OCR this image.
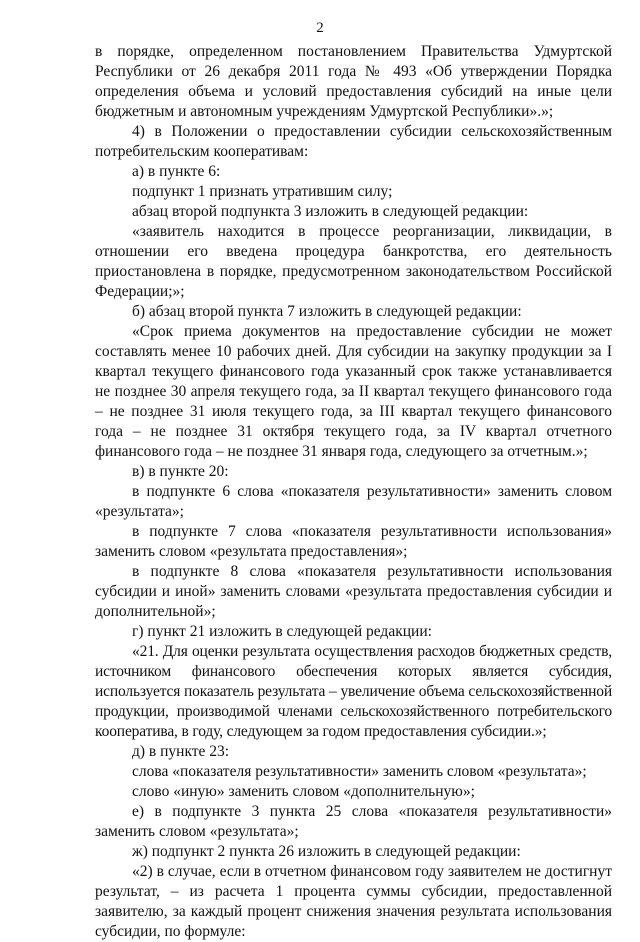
2

в порядке, определенном постановлением Правительства Удмуртской Республики от 26 декабря 2011 года № 493 «Об утверждении Порядка определения объема и условий предоставления субсидий на иные цели бюджетным и автономным учреждениям Удмуртской Республики».»;

4) в Положении о предоставлении субсидии сельскохозяйственным потребительским кооперативам:

а) в пункте 6:

подпункт 1 признать утратившим силу;

абзац второй подпункта 3 изложить в следующей редакции:

«заявитель находится в процессе реорганизации, ликвидации, в отношении его введена процедура банкротства, его деятельность приостановлена в порядке, предусмотренном законодательством Российской Федерации;»;

б) абзац второй пункта 7 изложить в следующей редакции:

«Срок приема документов на предоставление субсидии не может составлять менее 10 рабочих дней. Для субсидии на закупку продукции за I квартал текущего финансового года указанный срок также устанавливается не позднее 30 апреля текущего года, за II квартал текущего финансового года – не позднее 31 июля текущего года, за III квартал текущего финансового года – не позднее 31 октября текущего года, за IV квартал отчетного финансового года – не позднее 31 января года, следующего за отчетным.»;

в) в пункте 20:

в подпункте 6 слова «показателя результативности» заменить словом «результата»;

в подпункте 7 слова «показателя результативности использования» заменить словом «результата предоставления»;

в подпункте 8 слова «показателя результативности использования субсидии и иной» заменить словами «результата предоставления субсидии и дополнительной»;

г) пункт 21 изложить в следующей редакции:

«21. Для оценки результата осуществления расходов бюджетных средств, источником финансового обеспечения которых является субсидия, используется показатель результата – увеличение объема сельскохозяйственной продукции, производимой членами сельскохозяйственного потребительского кооператива, в году, следующем за годом предоставления субсидии.»;

д) в пункте 23:

слова «показателя результативности» заменить словом «результата»;

слово «иную» заменить словом «дополнительную»;

е) в подпункте 3 пункта 25 слова «показателя результативности» заменить словом «результата»;

ж) подпункт 2 пункта 26 изложить в следующей редакции:

«2) в случае, если в отчетном финансовом году заявителем не достигнут результат, – из расчета 1 процента суммы субсидии, предоставленной заявителю, за каждый процент снижения значения результата использования субсидии, по формуле:
